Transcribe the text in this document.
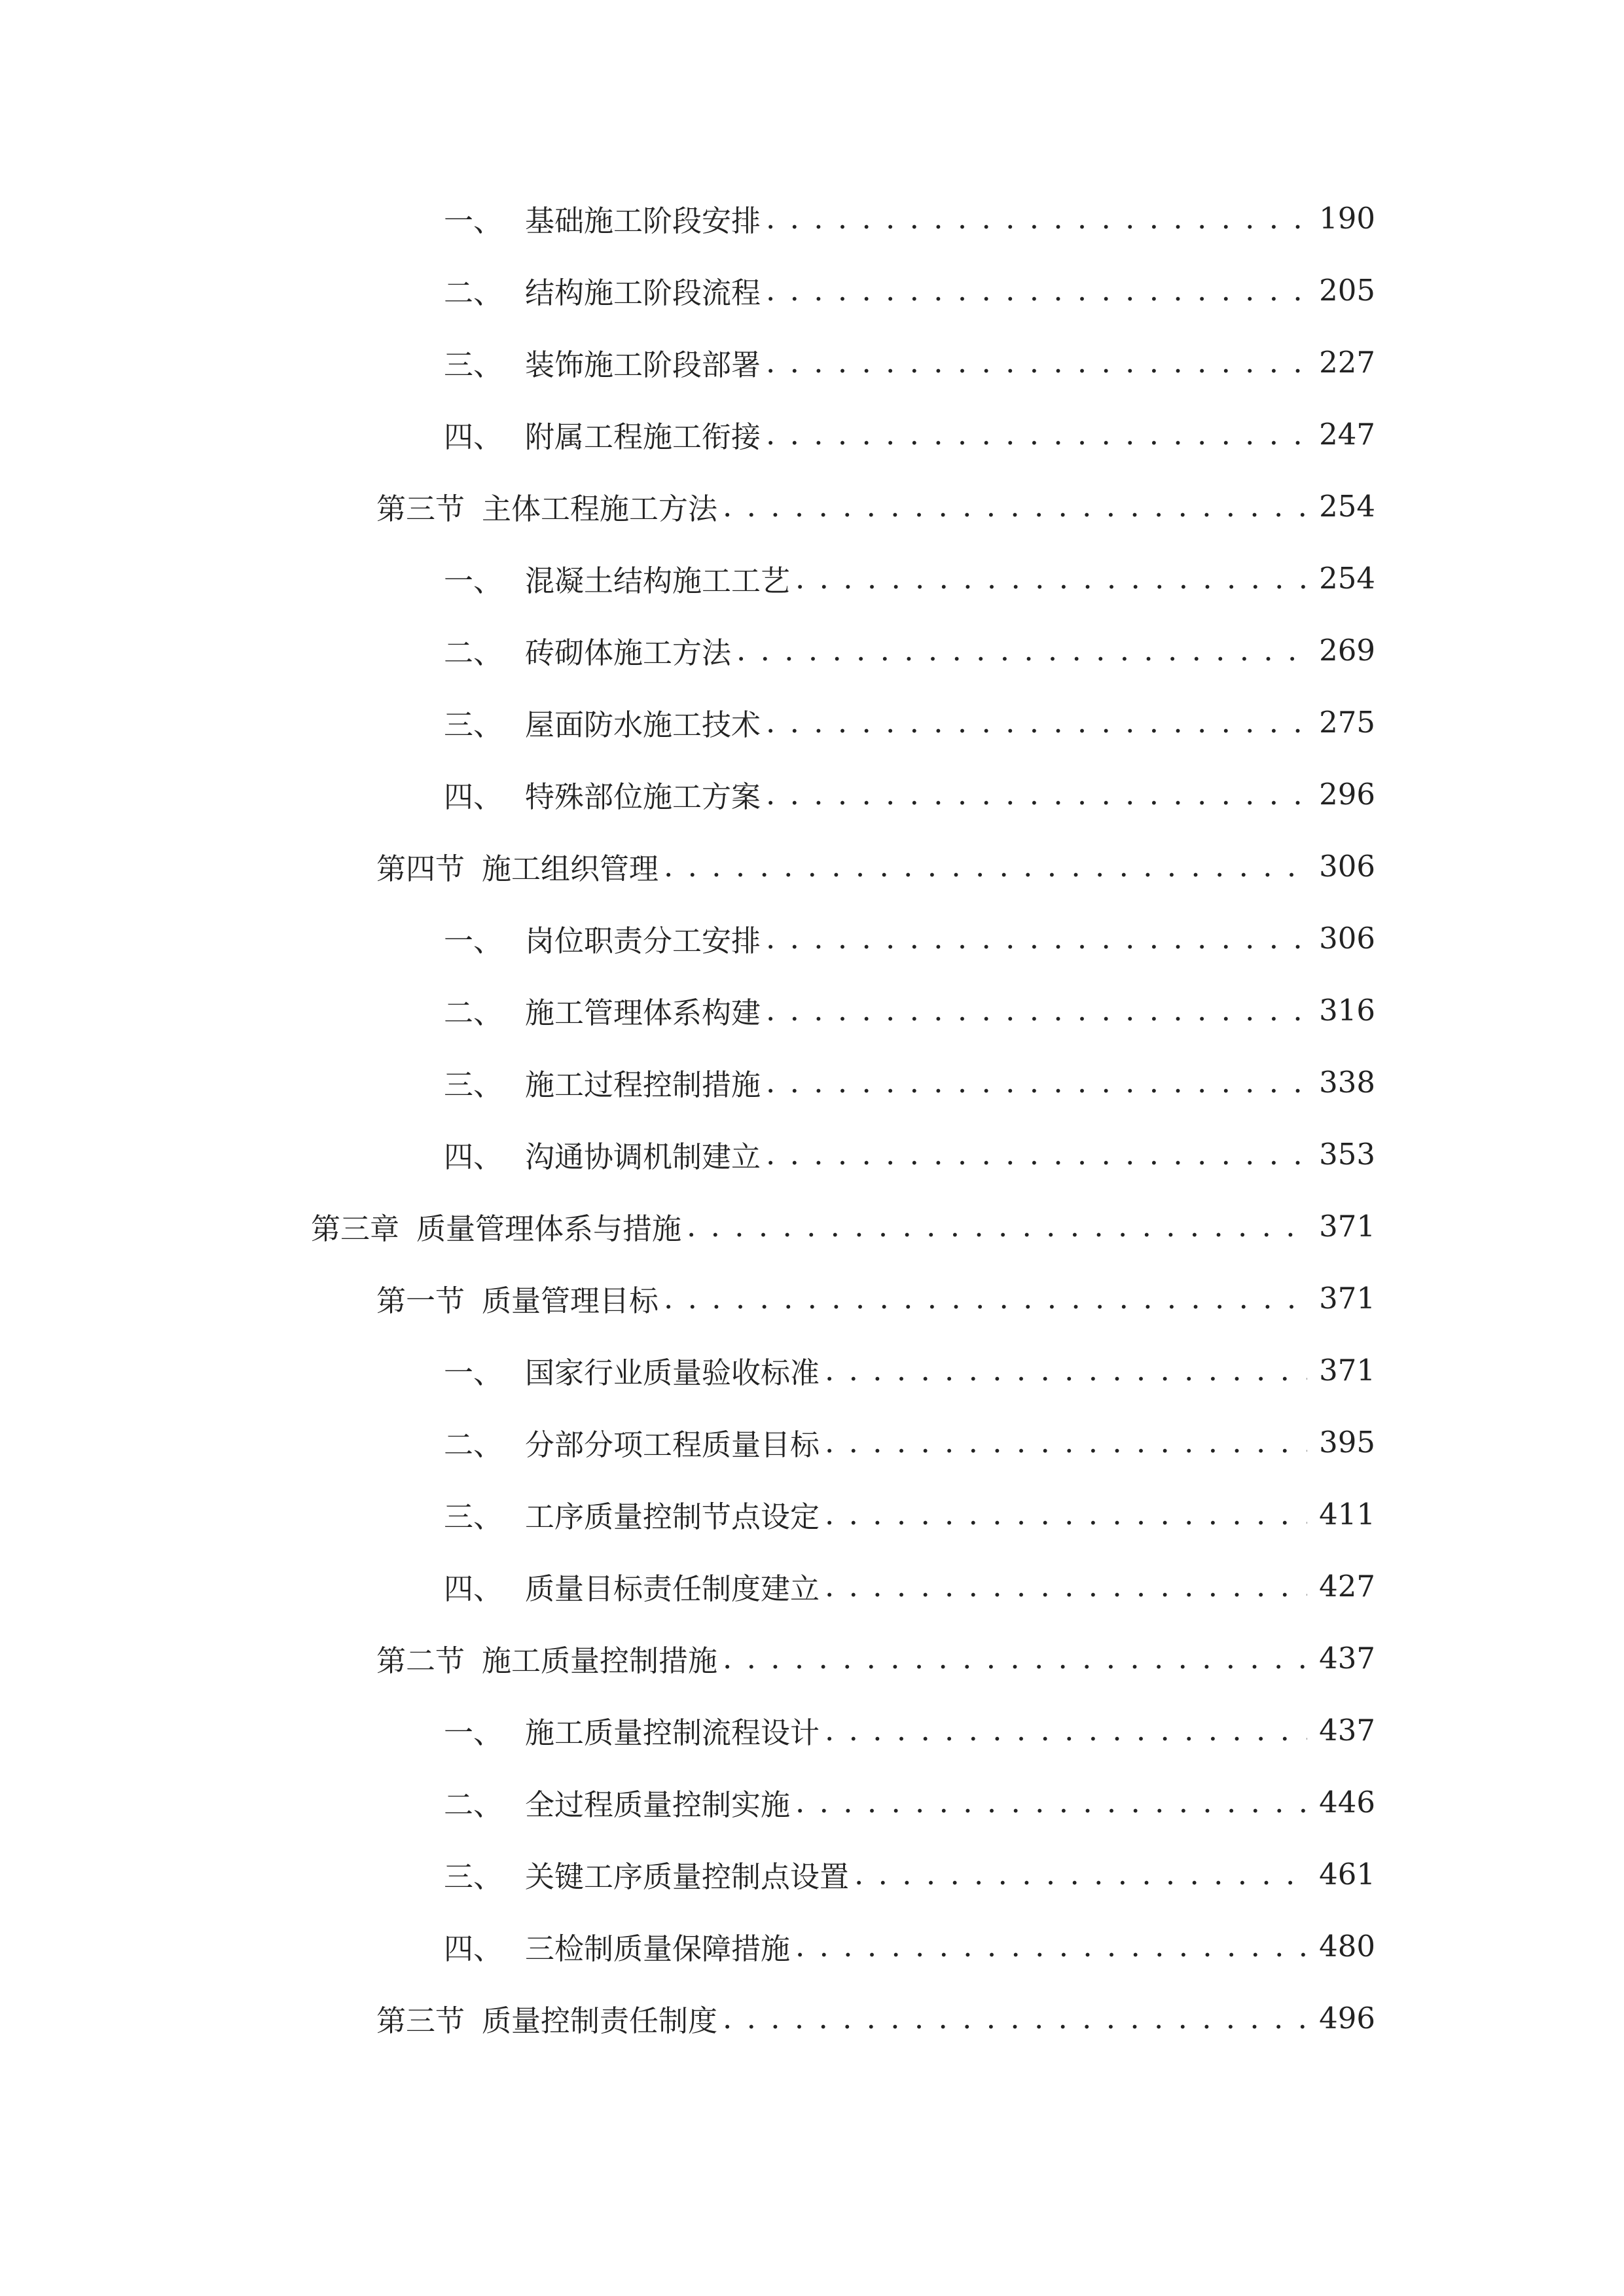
一、 基础施工阶段安排 . . .	190
二、 结构施工阶段流程 . . .	205
三、 装饰施工阶段部署 . . .	227
四、 附属工程施工衔接 . . .	247
第三节 主体工程施工方法 . . .	254
一、 混凝土结构施工工艺 . . .	254
二、 砖砌体施工方法 . . .	269
三、 屋面防水施工技术 . . .	275
四、 特殊部位施工方案 . . .	296
第四节 施工组织管理 . . .	306
一、 岗位职责分工安排 . . .	306
二、 施工管理体系构建 . . .	316
三、 施工过程控制措施 . . .	338
四、 沟通协调机制建立 . . .	353
第三章 质量管理体系与措施 . . .	371
第一节 质量管理目标 . . .	371
一、 国家行业质量验收标准 . . .	371
二、 分部分项工程质量目标 . . .	395
三、 工序质量控制节点设定 . . .	411
四、 质量目标责任制度建立 . . .	427
第二节 施工质量控制措施 . . .	437
一、 施工质量控制流程设计 . . .	437
二、 全过程质量控制实施 . . .	446
三、 关键工序质量控制点设置 . . .	461
四、 三检制质量保障措施 . . .	480
第三节 质量控制责任制度 . . .	496
